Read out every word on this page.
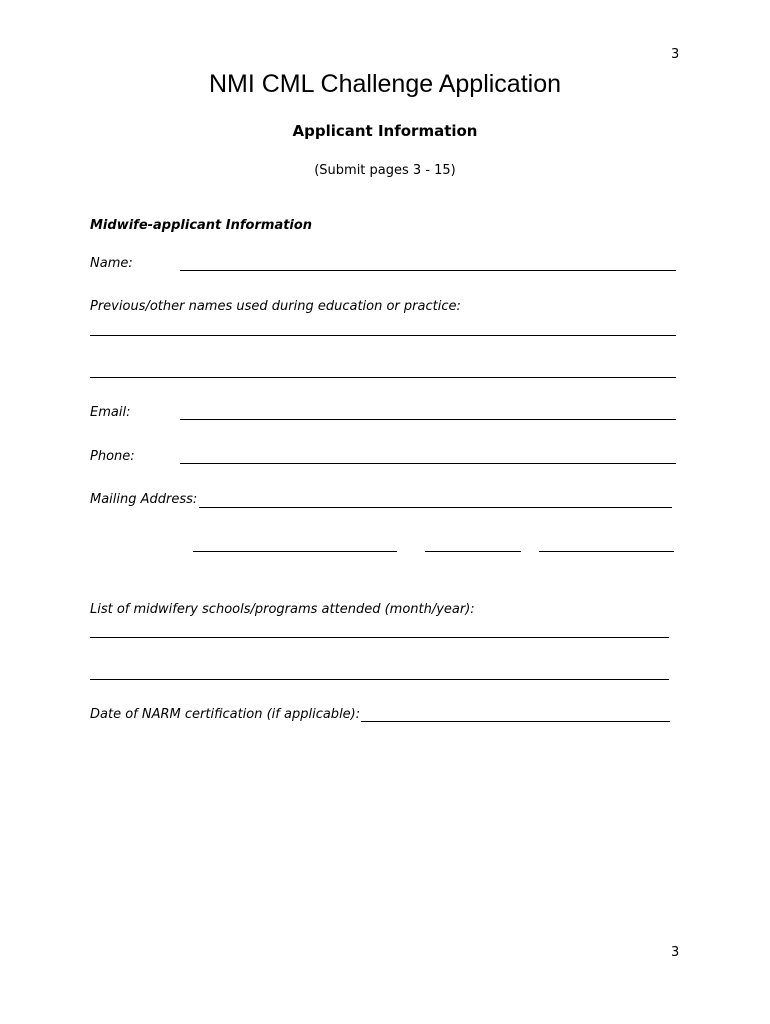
3
3
NMI CML Challenge Application
Applicant Information
(Submit pages 3 - 15)
Midwife-applicant Information
Name:
Previous/other names used during education or practice:
Email:
Phone:
Mailing Address:
List of midwifery schools/programs attended (month/year):
Date of NARM certification (if applicable):
